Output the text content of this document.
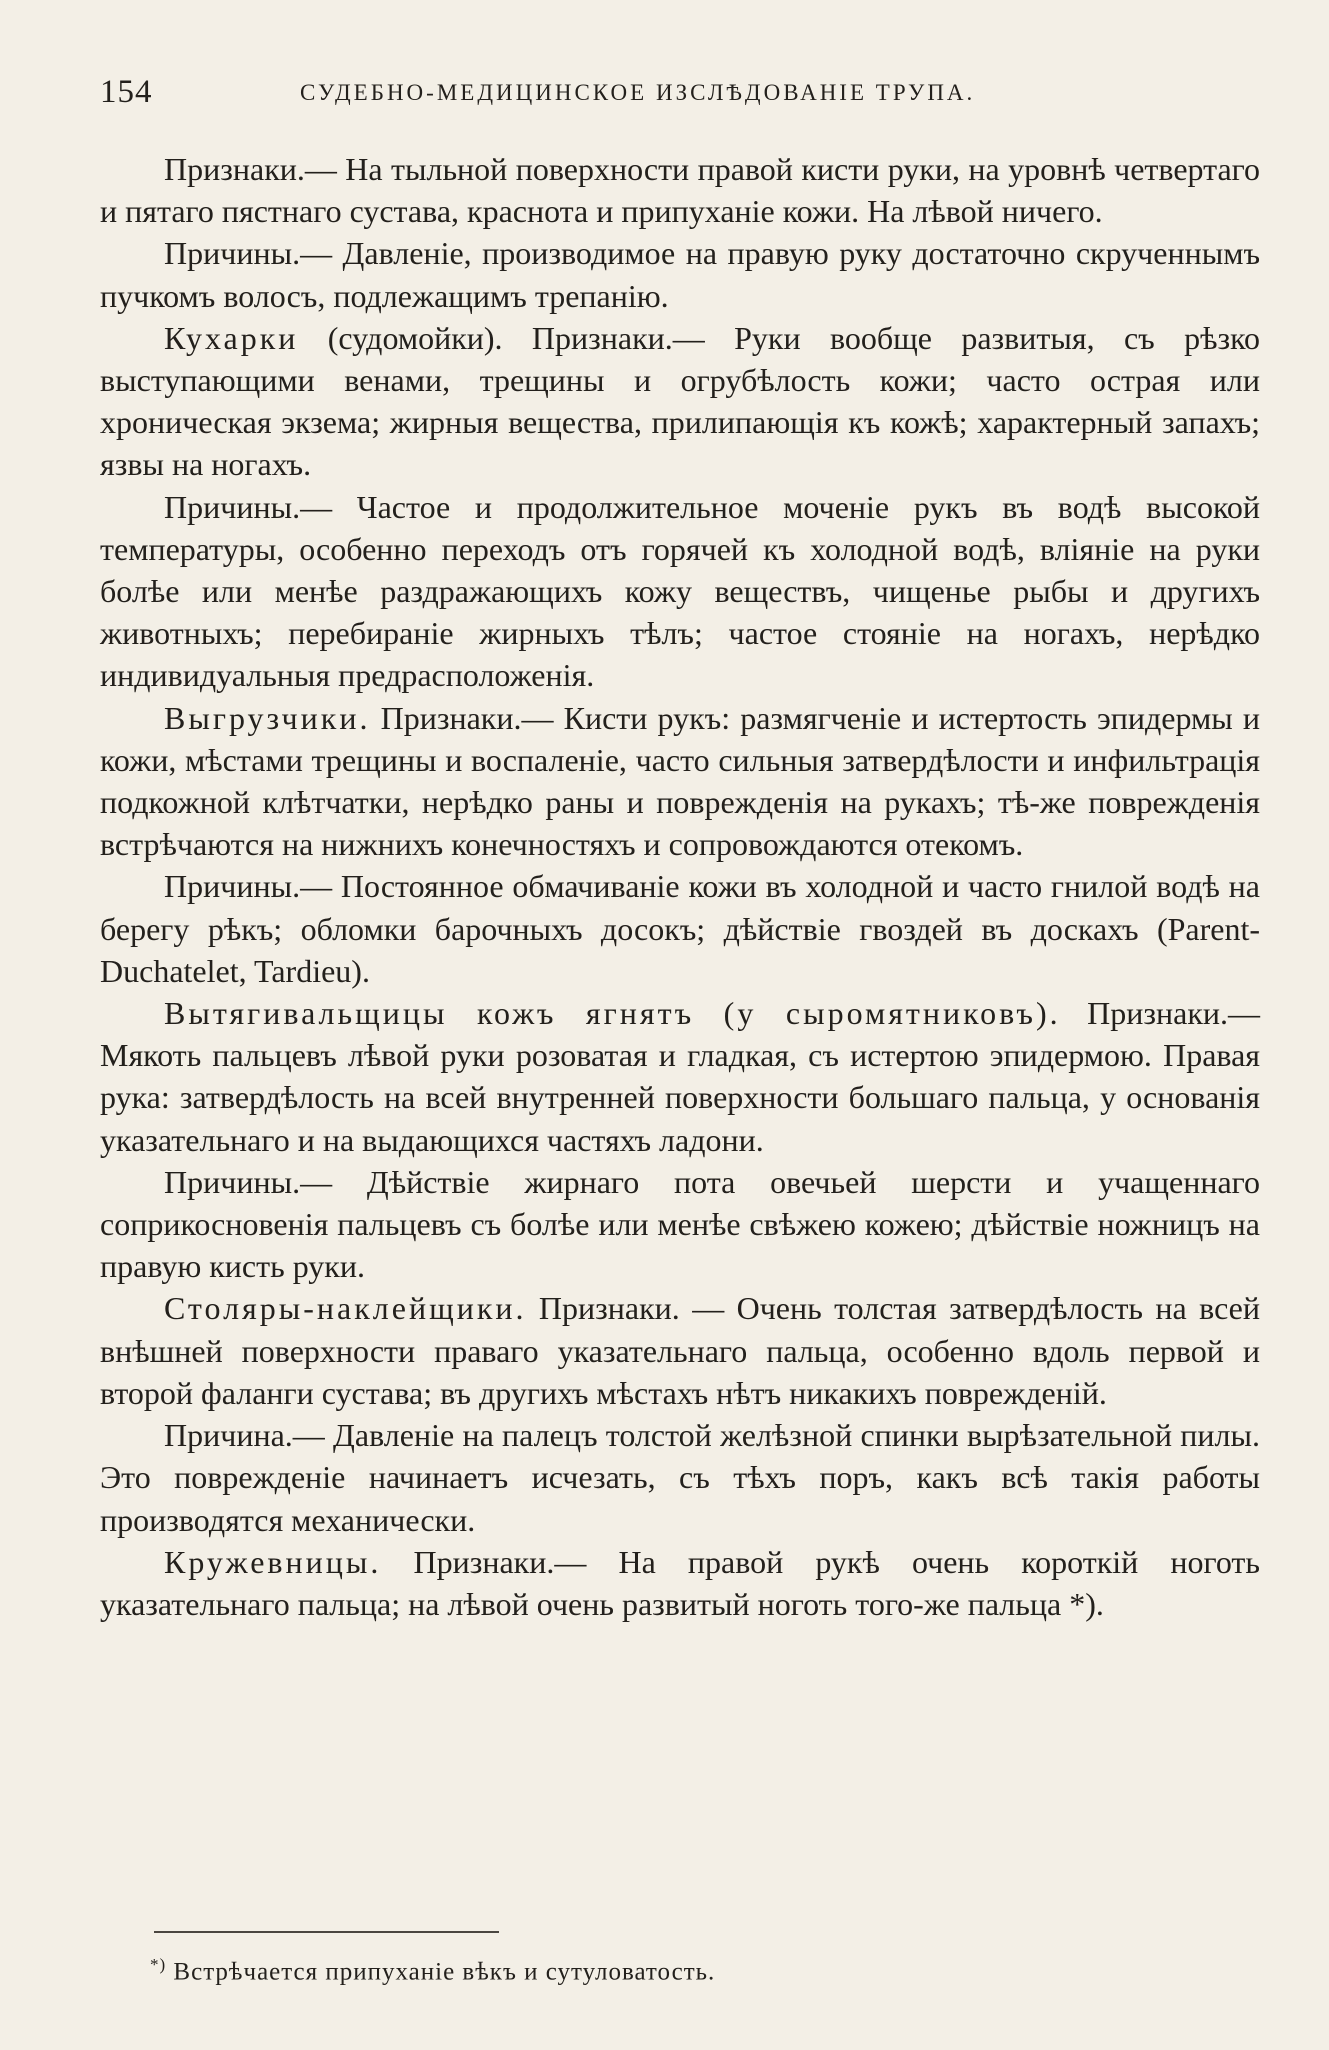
154	СУДЕБНО-МЕДИЦИНСКОЕ ИЗСЛѢДОВАНІЕ ТРУПА.

Признаки.— На тыльной поверхности правой кисти руки, на уровнѣ четвертаго и пятаго пястнаго сустава, краснота и припуханіе кожи. На лѣвой ничего.

Причины.— Давленіе, производимое на правую руку достаточно скрученнымъ пучкомъ волосъ, подлежащимъ трепанію.

Кухарки (судомойки). Признаки.— Руки вообще развитыя, съ рѣзко выступающими венами, трещины и огрубѣлость кожи; часто острая или хроническая экзема; жирныя вещества, прилипающія къ кожѣ; характерный запахъ; язвы на ногахъ.

Причины.— Частое и продолжительное моченіе рукъ въ водѣ высокой температуры, особенно переходъ отъ горячей къ холодной водѣ, вліяніе на руки болѣе или менѣе раздражающихъ кожу веществъ, чищенье рыбы и другихъ животныхъ; перебираніе жирныхъ тѣлъ; частое стояніе на ногахъ, нерѣдко индивидуальныя предрасположенія.

Выгрузчики. Признаки.— Кисти рукъ: размягченіе и истертость эпидермы и кожи, мѣстами трещины и воспаленіе, часто сильныя затвердѣлости и инфильтрація подкожной клѣтчатки, нерѣдко раны и поврежденія на рукахъ; тѣ-же поврежденія встрѣчаются на нижнихъ конечностяхъ и сопровождаются отекомъ.

Причины.— Постоянное обмачиваніе кожи въ холодной и часто гнилой водѣ на берегу рѣкъ; обломки барочныхъ досокъ; дѣйствіе гвоздей въ доскахъ (Parent-Duchatelet, Tardieu).

Вытягивальщицы кожъ ягнятъ (у сыромятниковъ). Признаки.— Мякоть пальцевъ лѣвой руки розоватая и гладкая, съ истертою эпидермою. Правая рука: затвердѣлость на всей внутренней поверхности большаго пальца, у основанія указательнаго и на выдающихся частяхъ ладони.

Причины.— Дѣйствіе жирнаго пота овечьей шерсти и учащеннаго соприкосновенія пальцевъ съ болѣе или менѣе свѣжею кожею; дѣйствіе ножницъ на правую кисть руки.

Столяры-наклейщики. Признаки. — Очень толстая затвердѣлость на всей внѣшней поверхности праваго указательнаго пальца, особенно вдоль первой и второй фаланги сустава; въ другихъ мѣстахъ нѣтъ никакихъ поврежденій.

Причина.— Давленіе на палецъ толстой желѣзной спинки вырѣзательной пилы. Это поврежденіе начинаетъ исчезать, съ тѣхъ поръ, какъ всѣ такія работы производятся механически.

Кружевницы. Признаки.— На правой рукѣ очень короткій ноготь указательнаго пальца; на лѣвой очень развитый ноготь того-же пальца *).

*) Встрѣчается припуханіе вѣкъ и сутуловатость.
